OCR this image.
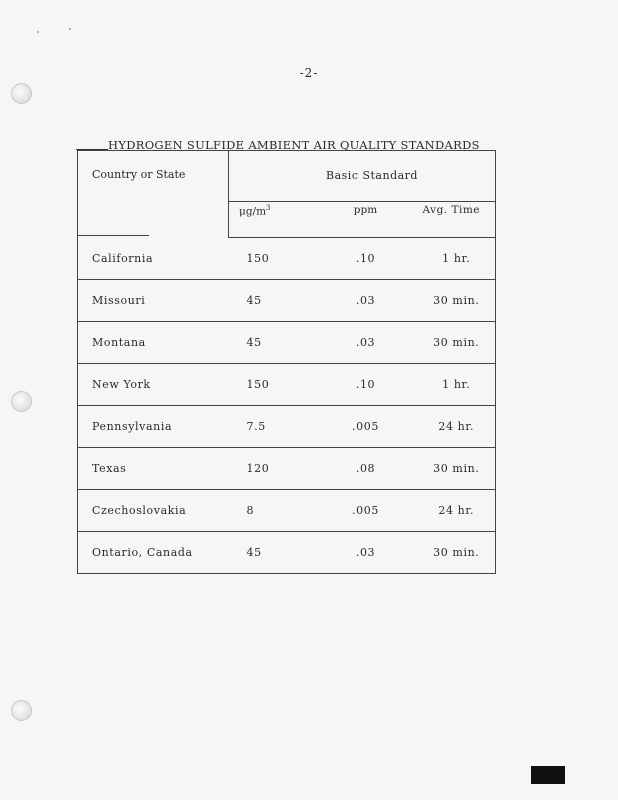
-2-
HYDROGEN SULFIDE AMBIENT AIR QUALITY STANDARDS
Country or State	Basic Standard		
	$\mu g/m^3$	ppm	Avg. Time
California	150	.10	1 hr.
Missouri	45	.03	30 min.
Montana	45	.03	30 min.
New York	150	.10	1 hr.
Pennsylvania	7.5	.005	24 hr.
Texas	120	.08	30 min.
Czechoslovakia	8	.005	24 hr.
Ontario, Canada	45	.03	30 min.
